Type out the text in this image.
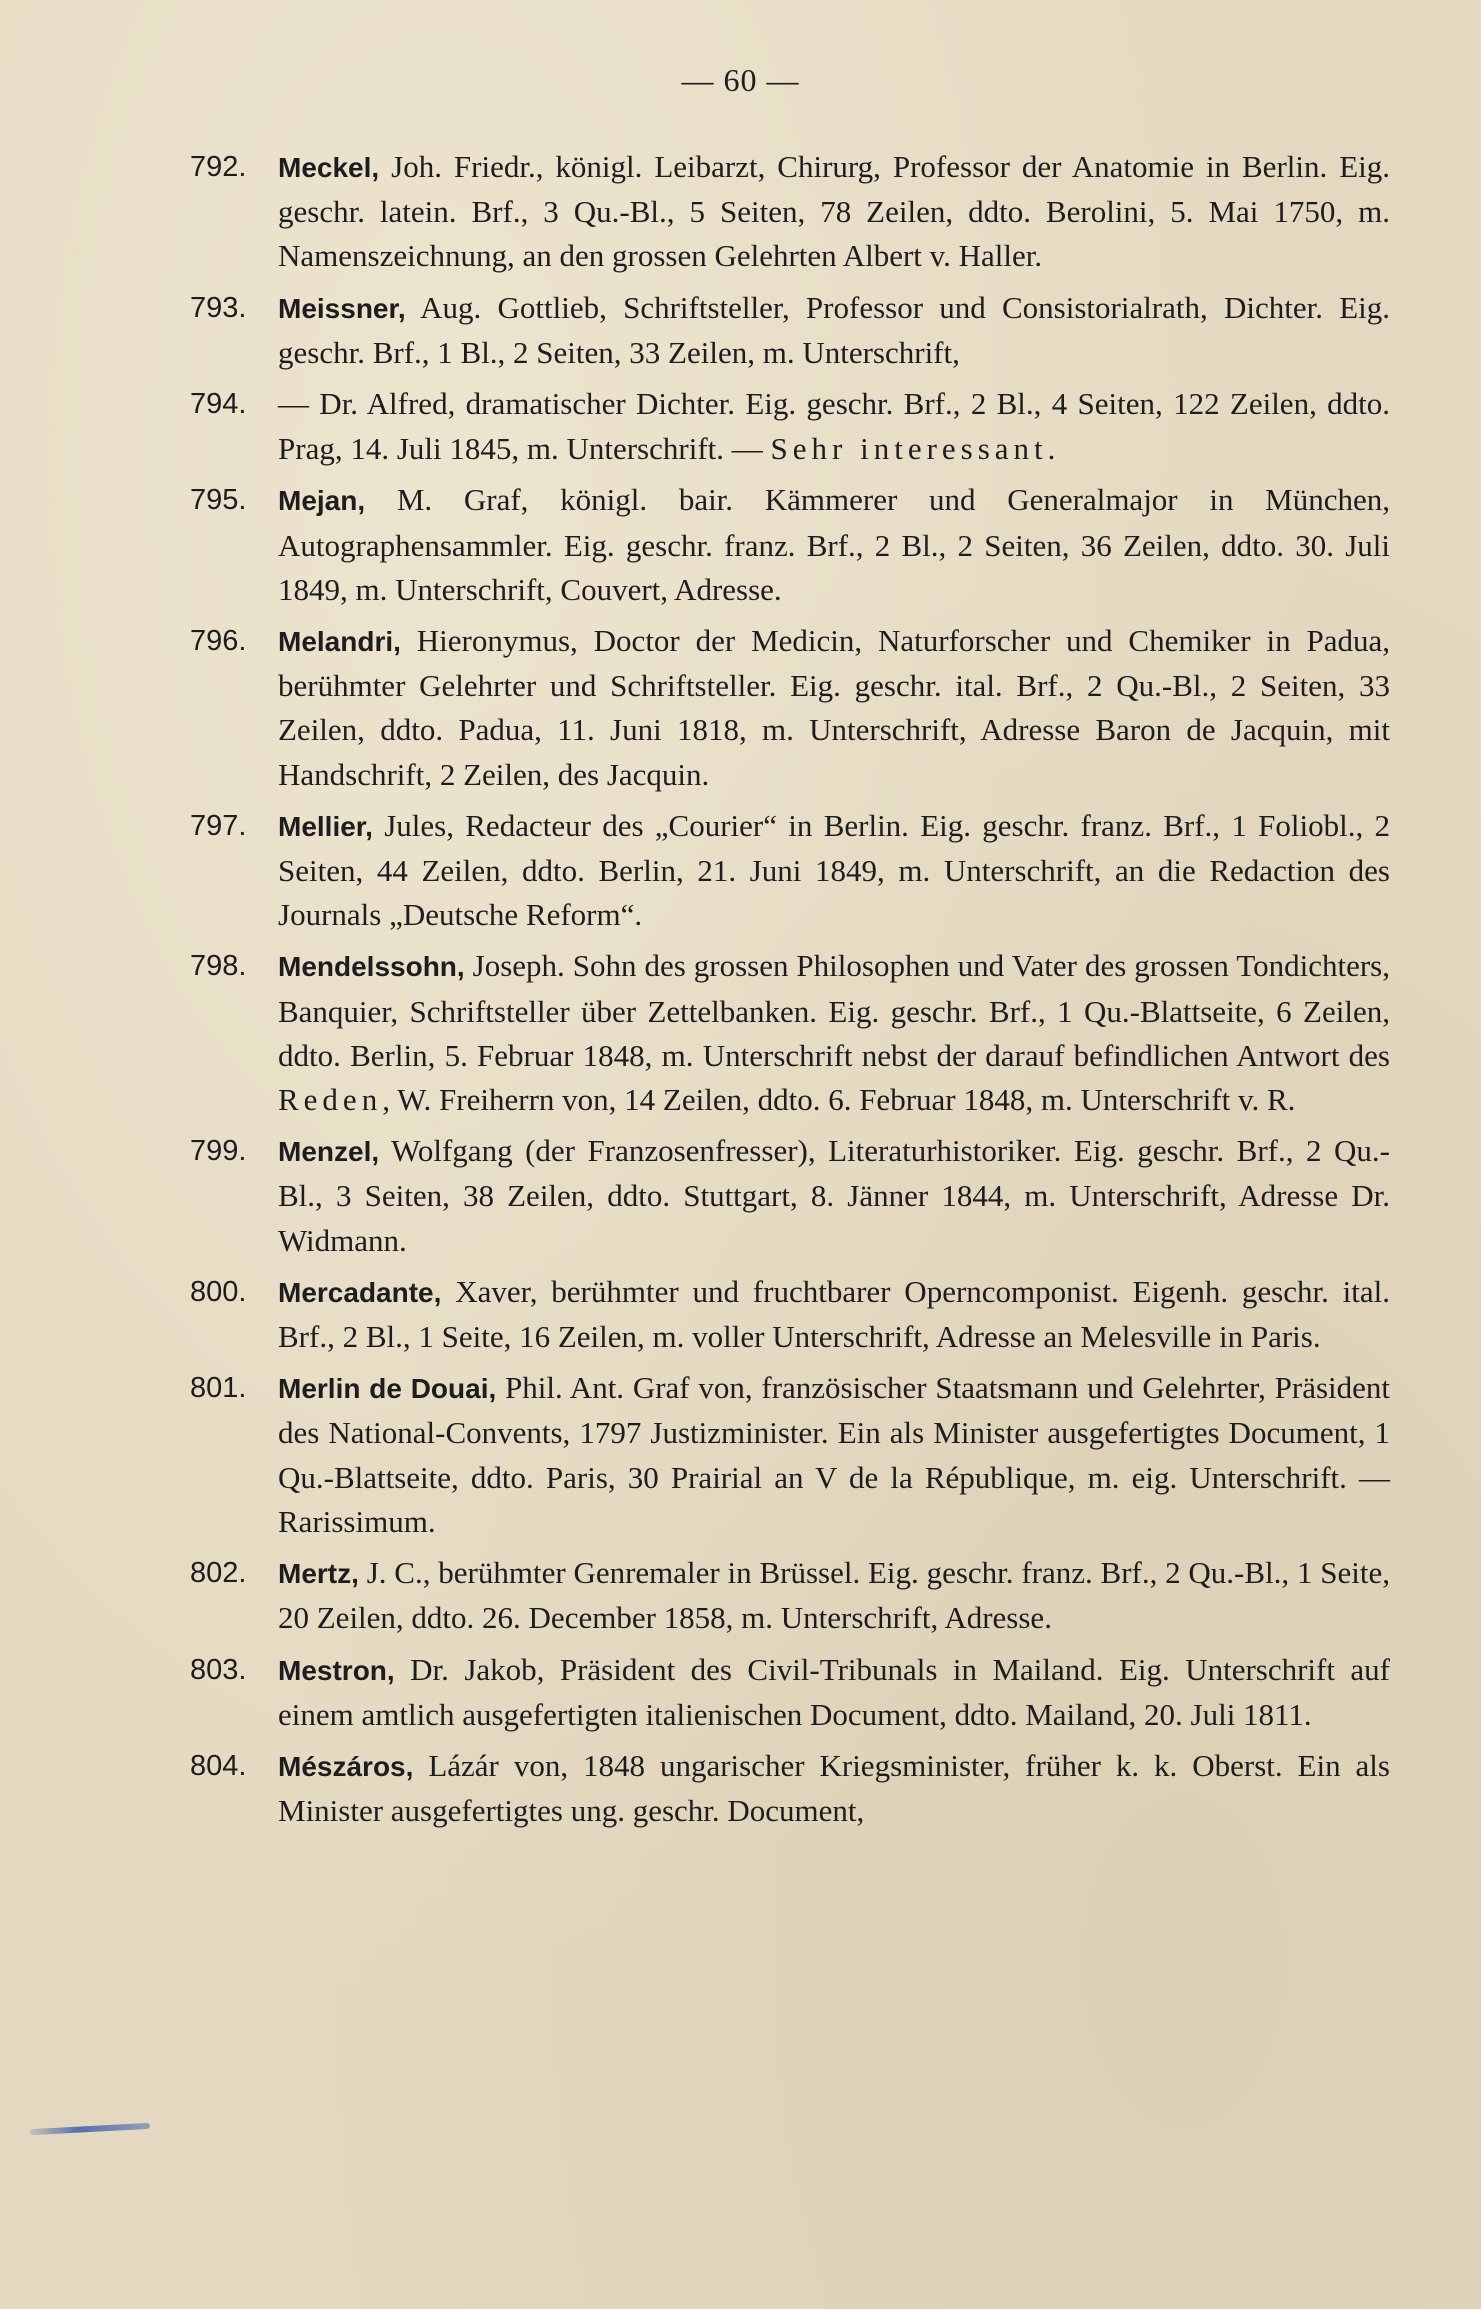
— 60 —
792. Meckel, Joh. Friedr., königl. Leibarzt, Chirurg, Professor der Anatomie in Berlin. Eig. geschr. latein. Brf., 3 Qu.-Bl., 5 Seiten, 78 Zeilen, ddto. Berolini, 5. Mai 1750, m. Namenszeichnung, an den grossen Gelehrten Albert v. Haller.
793. Meissner, Aug. Gottlieb, Schriftsteller, Professor und Consistorialrath, Dichter. Eig. geschr. Brf., 1 Bl., 2 Seiten, 33 Zeilen, m. Unterschrift,
794. — Dr. Alfred, dramatischer Dichter. Eig. geschr. Brf., 2 Bl., 4 Seiten, 122 Zeilen, ddto. Prag, 14. Juli 1845, m. Unterschrift. — Sehr interessant.
795. Mejan, M. Graf, königl. bair. Kämmerer und Generalmajor in München, Autographensammler. Eig. geschr. franz. Brf., 2 Bl., 2 Seiten, 36 Zeilen, ddto. 30. Juli 1849, m. Unterschrift, Couvert, Adresse.
796. Melandri, Hieronymus, Doctor der Medicin, Naturforscher und Chemiker in Padua, berühmter Gelehrter und Schriftsteller. Eig. geschr. ital. Brf., 2 Qu.-Bl., 2 Seiten, 33 Zeilen, ddto. Padua, 11. Juni 1818, m. Unterschrift, Adresse Baron de Jacquin, mit Handschrift, 2 Zeilen, des Jacquin.
797. Mellier, Jules, Redacteur des „Courier“ in Berlin. Eig. geschr. franz. Brf., 1 Foliobl., 2 Seiten, 44 Zeilen, ddto. Berlin, 21. Juni 1849, m. Unterschrift, an die Redaction des Journals „Deutsche Reform“.
798. Mendelssohn, Joseph. Sohn des grossen Philosophen und Vater des grossen Tondichters, Banquier, Schriftsteller über Zettelbanken. Eig. geschr. Brf., 1 Qu.-Blattseite, 6 Zeilen, ddto. Berlin, 5. Februar 1848, m. Unterschrift nebst der darauf befindlichen Antwort des Reden, W. Freiherrn von, 14 Zeilen, ddto. 6. Februar 1848, m. Unterschrift v. R.
799. Menzel, Wolfgang (der Franzosenfresser), Literaturhistoriker. Eig. geschr. Brf., 2 Qu.-Bl., 3 Seiten, 38 Zeilen, ddto. Stuttgart, 8. Jänner 1844, m. Unterschrift, Adresse Dr. Widmann.
800. Mercadante, Xaver, berühmter und fruchtbarer Operncomponist. Eigenh. geschr. ital. Brf., 2 Bl., 1 Seite, 16 Zeilen, m. voller Unterschrift, Adresse an Melesville in Paris.
801. Merlin de Douai, Phil. Ant. Graf von, französischer Staatsmann und Gelehrter, Präsident des National-Convents, 1797 Justizminister. Ein als Minister ausgefertigtes Document, 1 Qu.-Blattseite, ddto. Paris, 30 Prairial an V de la République, m. eig. Unterschrift. — Rarissimum.
802. Mertz, J. C., berühmter Genremaler in Brüssel. Eig. geschr. franz. Brf., 2 Qu.-Bl., 1 Seite, 20 Zeilen, ddto. 26. December 1858, m. Unterschrift, Adresse.
803. Mestron, Dr. Jakob, Präsident des Civil-Tribunals in Mailand. Eig. Unterschrift auf einem amtlich ausgefertigten italienischen Document, ddto. Mailand, 20. Juli 1811.
804. Mészáros, Lázár von, 1848 ungarischer Kriegsminister, früher k. k. Oberst. Ein als Minister ausgefertigtes ung. geschr. Document,
